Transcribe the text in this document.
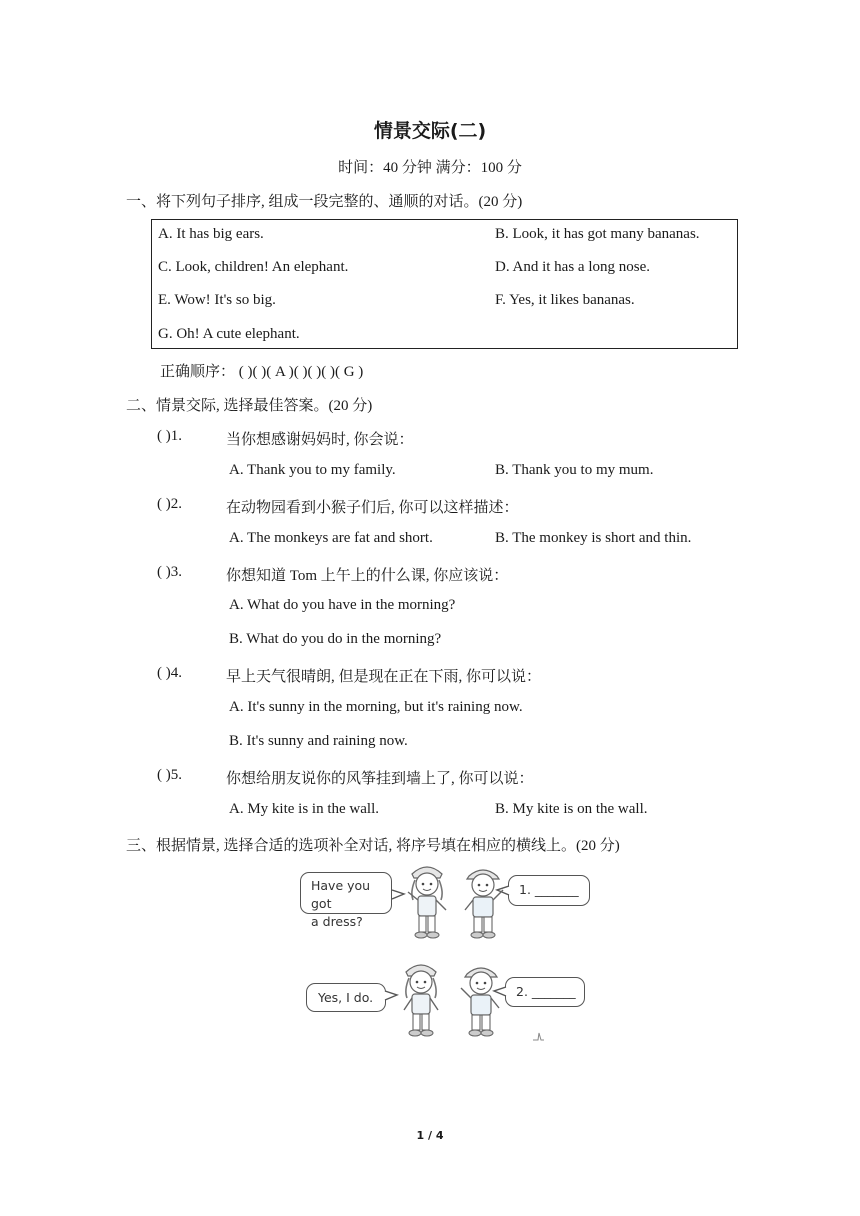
情景交际(二)
时间：40 分钟 满分：100 分
一、将下列句子排序, 组成一段完整的、通顺的对话。(20 分)
A. It has big ears.	B. Look, it has got many bananas.
C. Look, children! An elephant.	D. And it has a long nose.
E. Wow! It's so big.	F. Yes, it likes bananas.
G. Oh! A cute elephant.
正确顺序： ( )( )( A )( )( )( )( G )
二、情景交际, 选择最佳答案。(20 分)
( )1.	当你想感谢妈妈时, 你会说：
A. Thank you to my family.	B. Thank you to my mum.
( )2.	在动物园看到小猴子们后, 你可以这样描述：
A. The monkeys are fat and short.	B. The monkey is short and thin.
( )3.	你想知道 Tom 上午上的什么课, 你应该说：
A. What do you have in the morning?
B. What do you do in the morning?
( )4.	早上天气很晴朗, 但是现在正在下雨, 你可以说：
A. It's sunny in the morning, but it's raining now.
B. It's sunny and raining now.
( )5.	你想给朋友说你的风筝挂到墙上了, 你可以说：
A. My kite is in the wall.	B. My kite is on the wall.
三、根据情景, 选择合适的选项补全对话, 将序号填在相应的横线上。(20 分)
Have you got
a dress?
1. _______
Yes, I do.	2. _______
1 / 4
